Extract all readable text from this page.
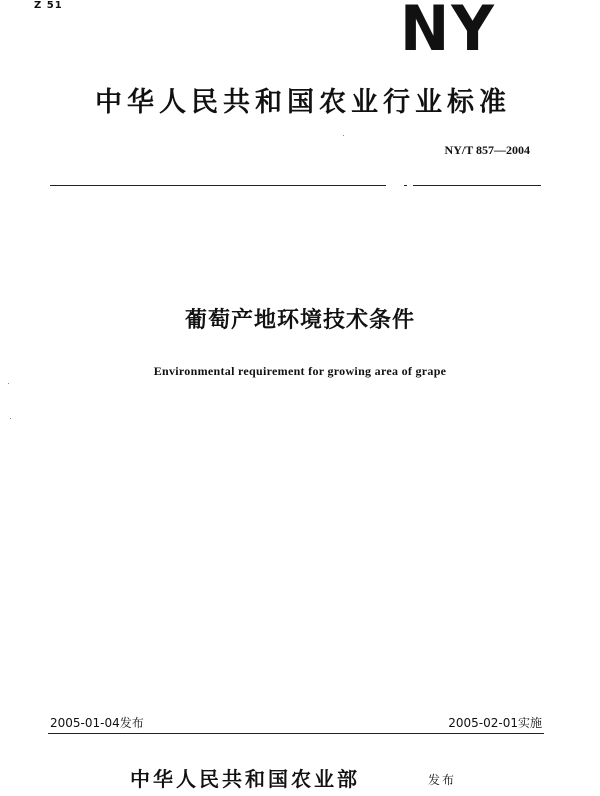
Z 51	NY
中华人民共和国农业行业标准
NY/T 857—2004
葡萄产地环境技术条件
Environmental requirement for growing area of grape
2005-01-04发布	2005-02-01实施
中华人民共和国农业部	发布
